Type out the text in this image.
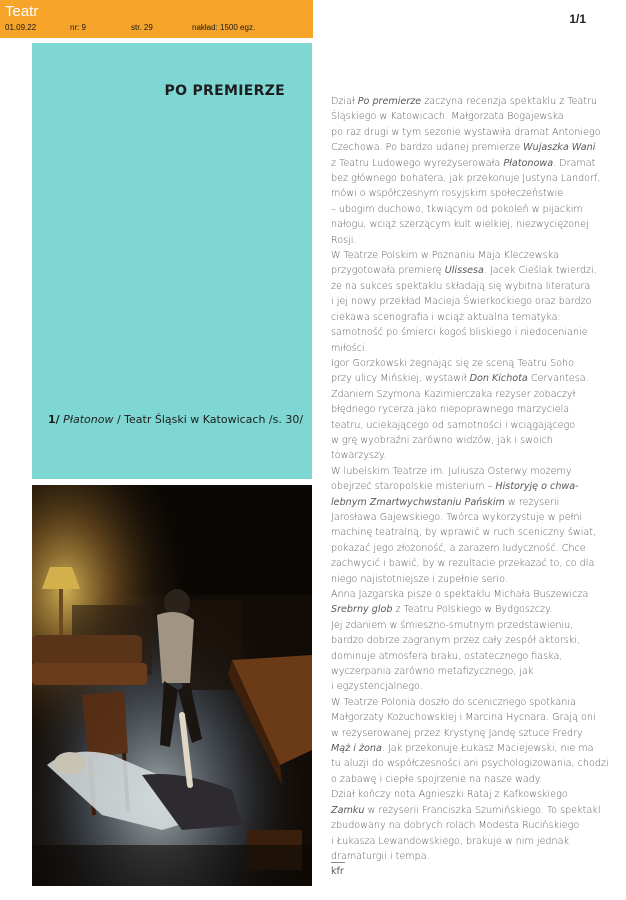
Teatr
01.09.22	nr: 9	str. 29	nakład: 1500 egz.
1/1
PO PREMIERZE
1/ Płatonow / Teatr Śląski w Katowicach /s. 30/
Dział Po premierze zaczyna recenzja spektaklu z Teatru
Śląskiego w Katowicach. Małgorzata Bogajewska
po raz drugi w tym sezonie wystawiła dramat Antoniego
Czechowa. Po bardzo udanej premierze Wujaszka Wani
z Teatru Ludowego wyreżyserowała Płatonowa. Dramat
bez głównego bohatera, jak przekonuje Justyna Landorf,
mówi o współczesnym rosyjskim społeczeństwie
– ubogim duchowo, tkwiącym od pokoleń w pijackim
nałogu, wciąż szerzącym kult wielkiej, niezwyciężonej
Rosji.
W Teatrze Polskim w Poznaniu Maja Kleczewska
przygotowała premierę Ulissesa. Jacek Cieślak twierdzi,
że na sukces spektaklu składają się wybitna literatura
i jej nowy przekład Macieja Świerkockiego oraz bardzo
ciekawa scenografia i wciąż aktualna tematyka:
samotność po śmierci kogoś bliskiego i niedocenianie
miłości.
Igor Gorzkowski żegnając się ze sceną Teatru Soho
przy ulicy Mińskiej, wystawił Don Kichota Cervantesa.
Zdaniem Szymona Kazimierczaka reżyser zobaczył
błędnego rycerza jako niepoprawnego marzyciela
teatru, uciekającego od samotności i wciągającego
w grę wyobraźni zarówno widzów, jak i swoich
towarzyszy.
W lubelskim Teatrze im. Juliusza Osterwy możemy
obejrzeć staropolskie misterium – Historyję o chwa-
lebnym Zmartwychwstaniu Pańskim w reżyserii
Jarosława Gajewskiego. Twórca wykorzystuje w pełni
machinę teatralną, by wprawić w ruch sceniczny świat,
pokazać jego złożoność, a zarazem ludyczność. Chce
zachwycić i bawić, by w rezultacie przekazać to, co dla
niego najistotniejsze i zupełnie serio.
Anna Jazgarska pisze o spektaklu Michała Buszewicza
Srebrny glob z Teatru Polskiego w Bydgoszczy.
Jej zdaniem w śmieszno-smutnym przedstawieniu,
bardzo dobrze zagranym przez cały zespół aktorski,
dominuje atmosfera braku, ostatecznego fiaska,
wyczerpania zarówno metafizycznego, jak
i egzystencjalnego.
W Teatrze Polonia doszło do scenicznego spotkania
Małgorzaty Kożuchowskiej i Marcina Hycnara. Grają oni
w reżyserowanej przez Krystynę Jandę sztuce Fredry
Mąż i żona. Jak przekonuje Łukasz Maciejewski, nie ma
tu aluzji do współczesności ani psychologizowania, chodzi
o zabawę i ciepłe spojrzenie na nasze wady.
Dział kończy nota Agnieszki Rataj z Kafkowskiego
Zamku w reżyserii Franciszka Szumińskiego. To spektakl
zbudowany na dobrych rolach Modesta Rucińskiego
i Łukasza Lewandowskiego, brakuje w nim jednak
dramaturgii i tempa.
kfr
